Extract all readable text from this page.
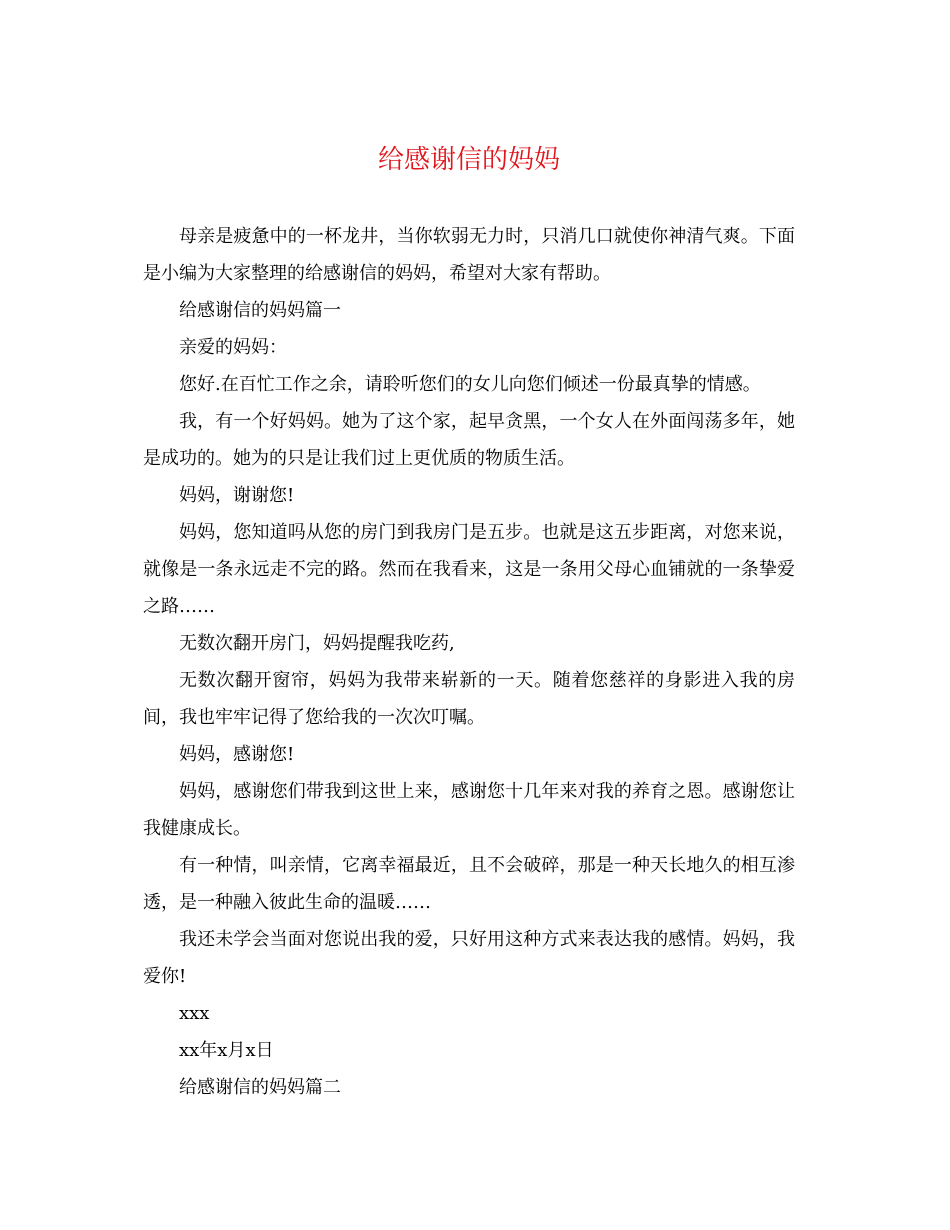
给感谢信的妈妈

母亲是疲惫中的一杯龙井，当你软弱无力时，只消几口就使你神清气爽。下面是小编为大家整理的给感谢信的妈妈，希望对大家有帮助。

给感谢信的妈妈篇一

亲爱的妈妈：

您好.在百忙工作之余，请聆听您们的女儿向您们倾述一份最真挚的情感。

我，有一个好妈妈。她为了这个家，起早贪黑，一个女人在外面闯荡多年，她是成功的。她为的只是让我们过上更优质的物质生活。

妈妈，谢谢您!

妈妈，您知道吗从您的房门到我房门是五步。也就是这五步距离，对您来说，就像是一条永远走不完的路。然而在我看来，这是一条用父母心血铺就的一条挚爱之路……

无数次翻开房门，妈妈提醒我吃药,

无数次翻开窗帘，妈妈为我带来崭新的一天。随着您慈祥的身影进入我的房间，我也牢牢记得了您给我的一次次叮嘱。

妈妈，感谢您!

妈妈，感谢您们带我到这世上来，感谢您十几年来对我的养育之恩。感谢您让我健康成长。

有一种情，叫亲情，它离幸福最近，且不会破碎，那是一种天长地久的相互渗透，是一种融入彼此生命的温暖……

我还未学会当面对您说出我的爱，只好用这种方式来表达我的感情。妈妈，我爱你!

xxx

xx年x月x日

给感谢信的妈妈篇二
